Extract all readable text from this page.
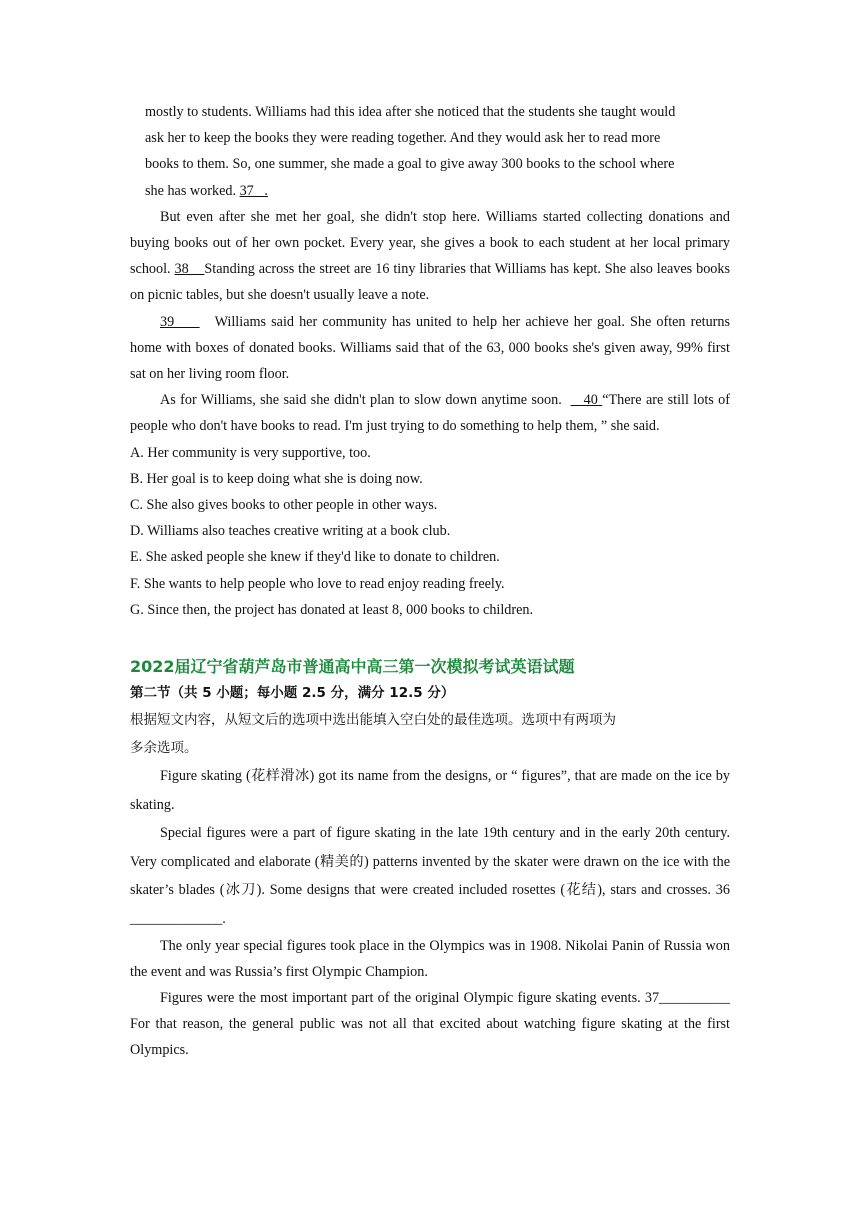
mostly to students. Williams had this idea after she noticed that the students she taught would

ask her to keep the books they were reading together. And they would ask her to read more

books to them. So, one summer, she made a goal to give away 300 books to the school where

she has worked. 37   .

But even after she met her goal, she didn't stop here. Williams started collecting donations and buying books out of her own pocket. Every year, she gives a book to each student at her local primary school. 38    Standing across the street are 16 tiny libraries that Williams has kept. She also leaves books on picnic tables, but she doesn't usually leave a note.

39        Williams said her community has united to help her achieve her goal. She often returns home with boxes of donated books. Williams said that of the 63, 000 books she's given away, 99% first sat on her living room floor.

As for Williams, she said she didn't plan to slow down anytime soon.     40 “There are still lots of people who don't have books to read. I'm just trying to do something to help them, ” she said.

A. Her community is very supportive, too.

B. Her goal is to keep doing what she is doing now.

C. She also gives books to other people in other ways.

D. Williams also teaches creative writing at a book club.

E. She asked people she knew if they'd like to donate to children.

F. She wants to help people who love to read enjoy reading freely.

G. Since then, the project has donated at least 8, 000 books to children.

2022届辽宁省葫芦岛市普通高中高三第一次模拟考试英语试题
第二节（共 5 小题；每小题 2.5 分，满分 12.5 分）
根据短文内容，从短文后的选项中选出能填入空白处的最佳选项。选项中有两项为
多余选项。

Figure skating (花样滑冰) got its name from the designs, or “ figures”, that are made on the ice by skating.

Special figures were a part of figure skating in the late 19th century and in the early 20th century. Very complicated and elaborate (精美的) patterns invented by the skater were drawn on the ice with the skater’s blades (冰刀). Some designs that were created included rosettes (花结), stars and crosses. 36 _____________.

The only year special figures took place in the Olympics was in 1908. Nikolai Panin of Russia won the event and was Russia’s first Olympic Champion.

Figures were the most important part of the original Olympic figure skating events. 37__________    For that reason, the general public was not all that excited about watching figure skating at the first Olympics.
